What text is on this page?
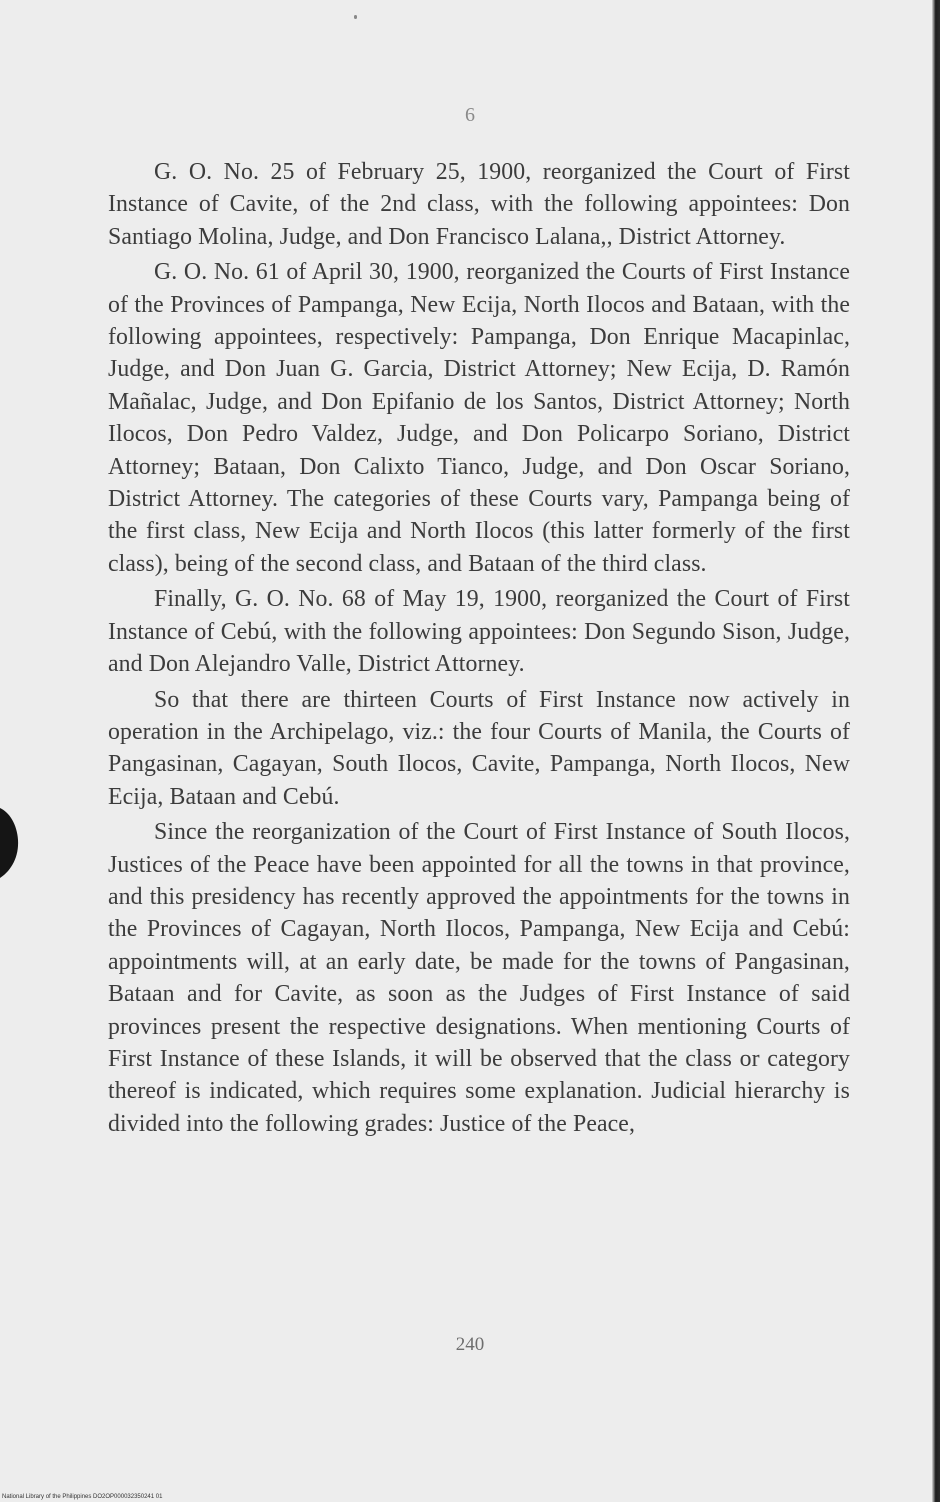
6

G. O. No. 25 of February 25, 1900, reorganized the Court of First Instance of Cavite, of the 2nd class, with the following appointees: Don Santiago Molina, Judge, and Don Francisco Lalana,, District Attorney.

G. O. No. 61 of April 30, 1900, reorganized the Courts of First Instance of the Provinces of Pampanga, New Ecija, North Ilocos and Bataan, with the following appointees, respectively: Pampanga, Don Enrique Macapinlac, Judge, and Don Juan G. Garcia, District Attorney; New Ecija, D. Ramón Mañalac, Judge, and Don Epifanio de los Santos, District Attorney; North Ilocos, Don Pedro Valdez, Judge, and Don Policarpo Soriano, District Attorney; Bataan, Don Calixto Tianco, Judge, and Don Oscar Soriano, District Attorney. The categories of these Courts vary, Pampanga being of the first class, New Ecija and North Ilocos (this latter formerly of the first class), being of the second class, and Bataan of the third class.

Finally, G. O. No. 68 of May 19, 1900, reorganized the Court of First Instance of Cebú, with the following appointees: Don Segundo Sison, Judge, and Don Alejandro Valle, District Attorney.

So that there are thirteen Courts of First Instance now actively in operation in the Archipelago, viz.: the four Courts of Manila, the Courts of Pangasinan, Cagayan, South Ilocos, Cavite, Pampanga, North Ilocos, New Ecija, Bataan and Cebú.

Since the reorganization of the Court of First Instance of South Ilocos, Justices of the Peace have been appointed for all the towns in that province, and this presidency has recently approved the appointments for the towns in the Provinces of Cagayan, North Ilocos, Pampanga, New Ecija and Cebú: appointments will, at an early date, be made for the towns of Pangasinan, Bataan and for Cavite, as soon as the Judges of First Instance of said provinces present the respective designations. When mentioning Courts of First Instance of these Islands, it will be observed that the class or category thereof is indicated, which requires some explanation. Judicial hierarchy is divided into the following grades: Justice of the Peace,

240
National Library of the Philippines DO2OP000032350241 01
